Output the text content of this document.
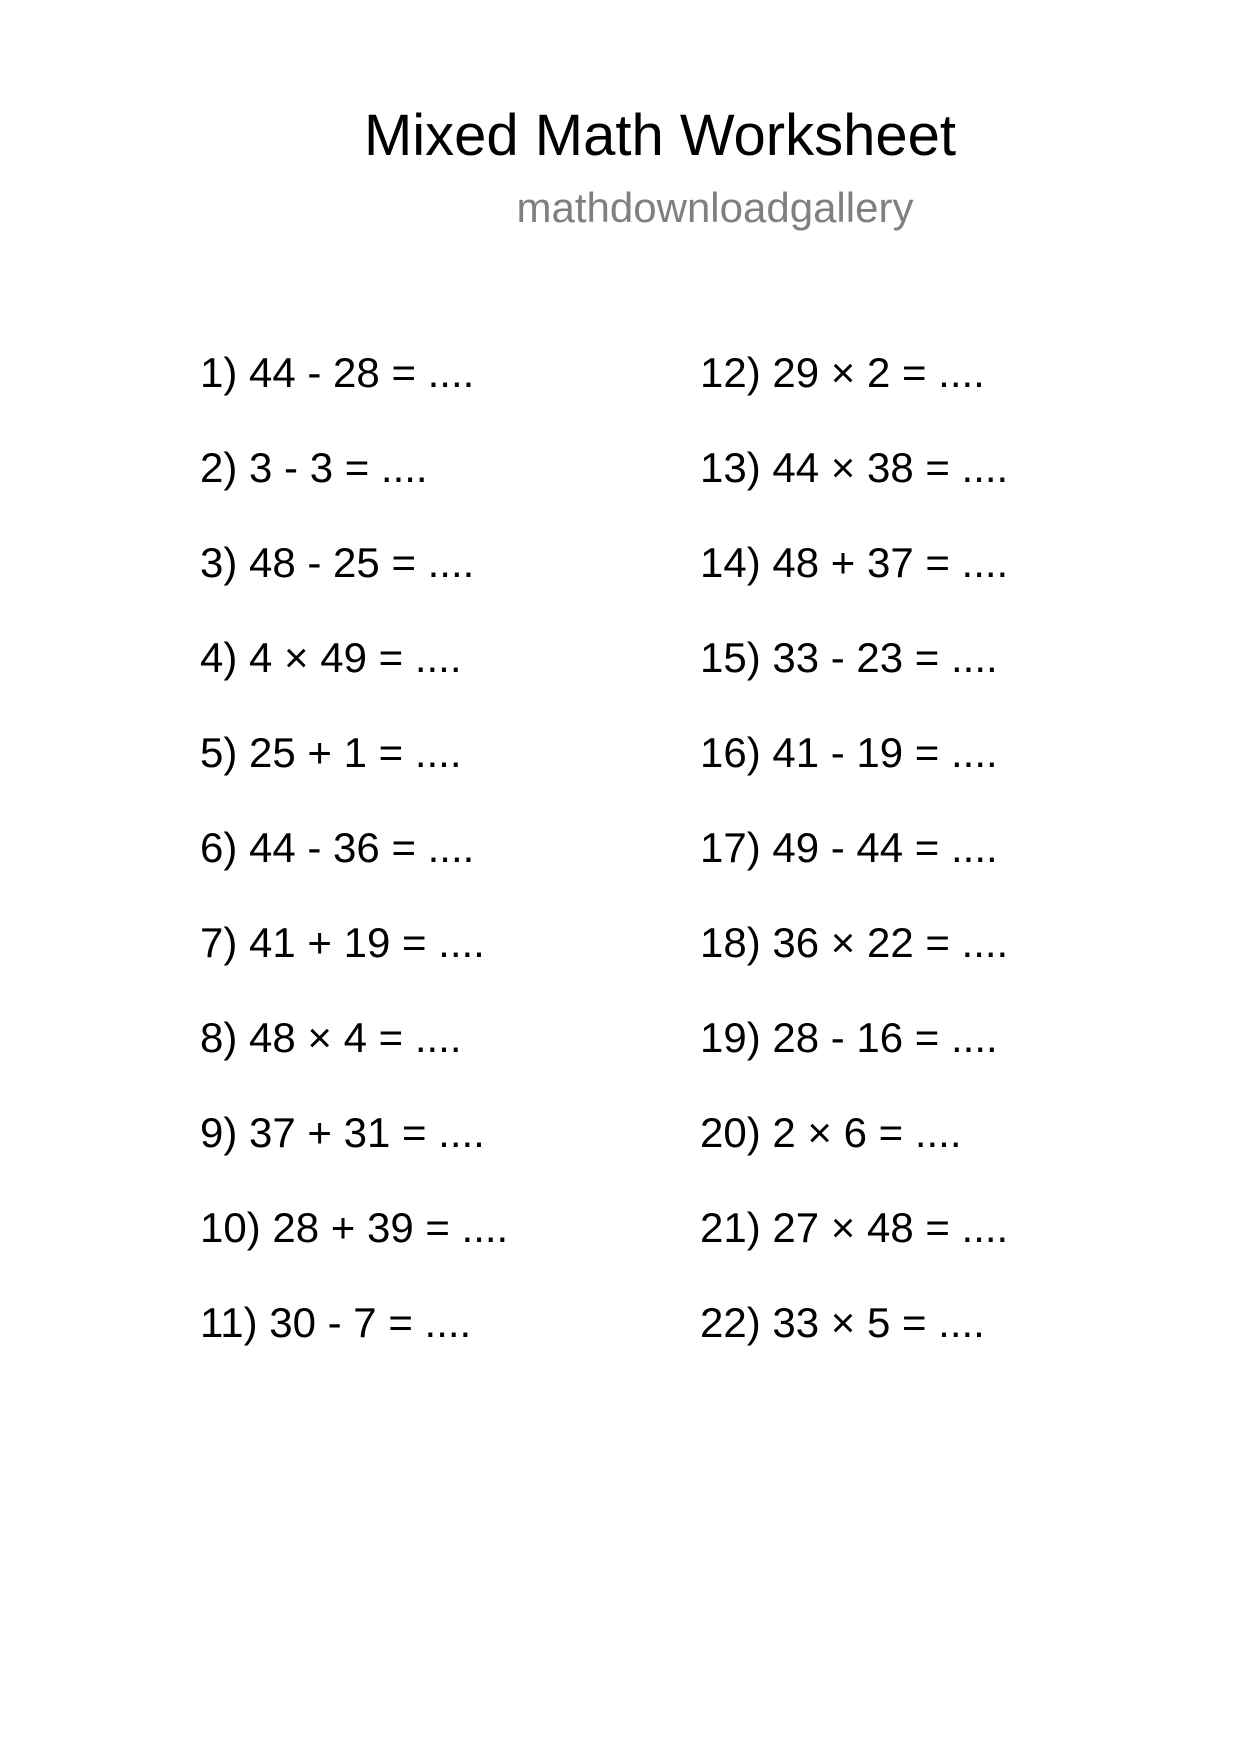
Mixed Math Worksheet
mathdownloadgallery
1) 44 - 28 = ....
2) 3 - 3 = ....
3) 48 - 25 = ....
4) 4 × 49 = ....
5) 25 + 1 = ....
6) 44 - 36 = ....
7) 41 + 19 = ....
8) 48 × 4 = ....
9) 37 + 31 = ....
10) 28 + 39 = ....
11) 30 - 7 = ....
12) 29 × 2 = ....
13) 44 × 38 = ....
14) 48 + 37 = ....
15) 33 - 23 = ....
16) 41 - 19 = ....
17) 49 - 44 = ....
18) 36 × 22 = ....
19) 28 - 16 = ....
20) 2 × 6 = ....
21) 27 × 48 = ....
22) 33 × 5 = ....
